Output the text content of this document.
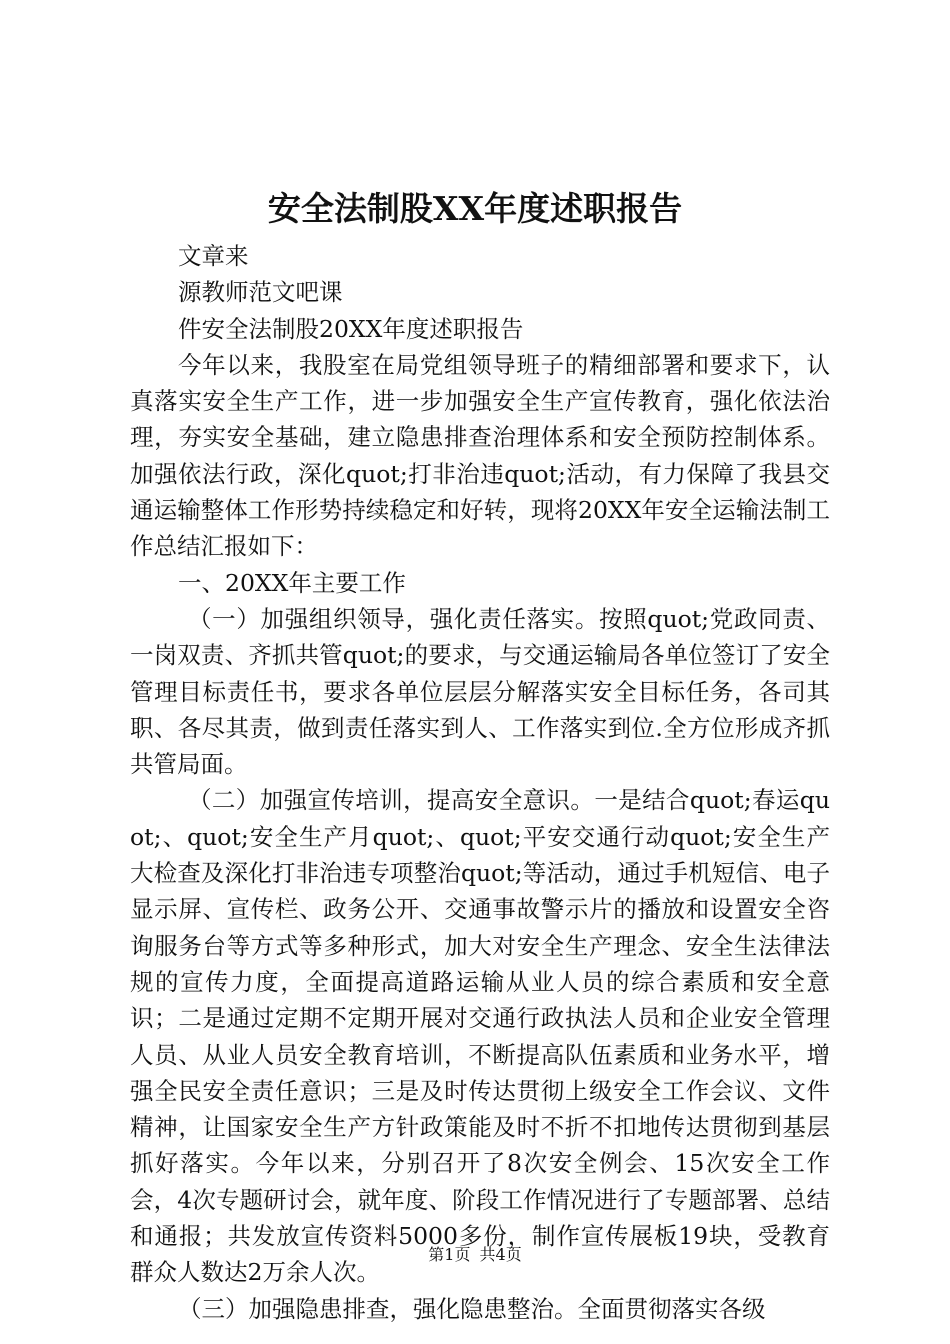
安全法制股XX年度述职报告

文章来

源教师范文吧课

件安全法制股20XX年度述职报告

今年以来，我股室在局党组领导班子的精细部署和要求下，认真落实安全生产工作，进一步加强安全生产宣传教育，强化依法治理，夯实安全基础，建立隐患排查治理体系和安全预防控制体系。加强依法行政，深化quot;打非治违quot;活动，有力保障了我县交通运输整体工作形势持续稳定和好转，现将20XX年安全运输法制工作总结汇报如下：

一、20XX年主要工作

（一）加强组织领导，强化责任落实。按照quot;党政同责、一岗双责、齐抓共管quot;的要求，与交通运输局各单位签订了安全管理目标责任书，要求各单位层层分解落实安全目标任务，各司其职、各尽其责，做到责任落实到人、工作落实到位.全方位形成齐抓共管局面。

（二）加强宣传培训，提高安全意识。一是结合quot;春运quot;、quot;安全生产月quot;、quot;平安交通行动quot;安全生产大检查及深化打非治违专项整治quot;等活动，通过手机短信、电子显示屏、宣传栏、政务公开、交通事故警示片的播放和设置安全咨询服务台等方式等多种形式，加大对安全生产理念、安全生法律法规的宣传力度，全面提高道路运输从业人员的综合素质和安全意识；二是通过定期不定期开展对交通行政执法人员和企业安全管理人员、从业人员安全教育培训，不断提高队伍素质和业务水平，增强全民安全责任意识；三是及时传达贯彻上级安全工作会议、文件精神，让国家安全生产方针政策能及时不折不扣地传达贯彻到基层抓好落实。今年以来，分别召开了8次安全例会、15次安全工作会，4次专题研讨会，就年度、阶段工作情况进行了专题部署、总结和通报；共发放宣传资料5000多份，制作宣传展板19块，受教育群众人数达2万余人次。

（三）加强隐患排查，强化隐患整治。全面贯彻落实各级

第1页 共4页
